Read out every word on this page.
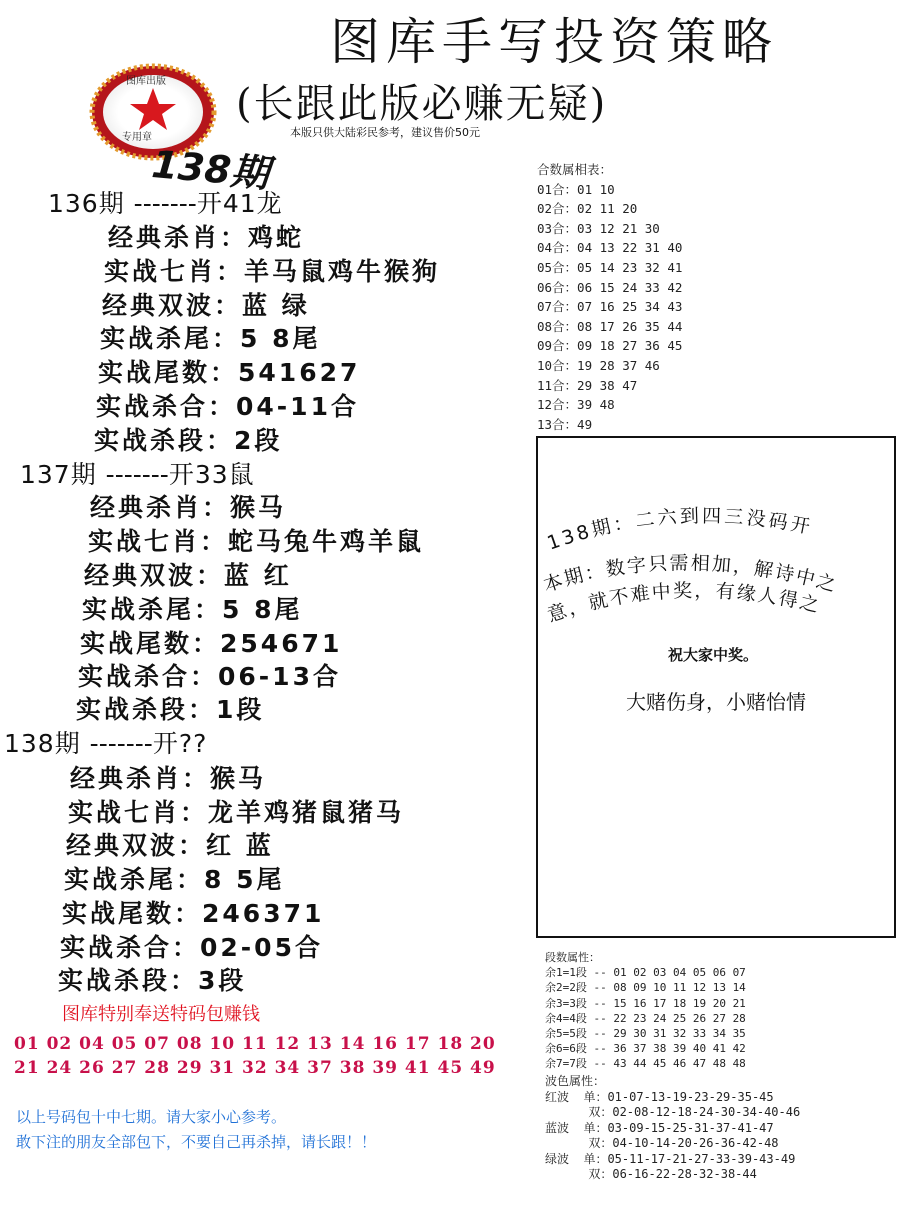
图库手写投资策略
(长跟此版必赚无疑)
本版只供大陆彩民参考，建议售价50元
图库出版
专用章
138期
136期 -------开41龙
经典杀肖：鸡蛇
实战七肖：羊马鼠鸡牛猴狗
经典双波：蓝 绿
实战杀尾：5 8尾
实战尾数：541627
实战杀合：04-11合
实战杀段：2段
137期 -------开33鼠
经典杀肖：猴马
实战七肖：蛇马兔牛鸡羊鼠
经典双波：蓝 红
实战杀尾：5 8尾
实战尾数：254671
实战杀合：06-13合
实战杀段：1段
138期 -------开??
经典杀肖：猴马
实战七肖：龙羊鸡猪鼠猪马
经典双波：红 蓝
实战杀尾：8 5尾
实战尾数：246371
实战杀合：02-05合
实战杀段：3段
图库特别奉送特码包赚钱
01 02 04 05 07 08 10 11 12 13 14 16 17 18 20
21 24 26 27 28 29 31 32 34 37 38 39 41 45 49
以上号码包十中七期。请大家小心参考。
敢下注的朋友全部包下，不要自己再杀掉，请长跟！！
合数属相表：
01合：01 10
02合：02 11 20
03合：03 12 21 30
04合：04 13 22 31 40
05合：05 14 23 32 41
06合：06 15 24 33 42
07合：07 16 25 34 43
08合：08 17 26 35 44
09合：09 18 27 36 45
10合：19 28 37 46
11合：29 38 47
12合：39 48
13合：49
138期：二六到四三没码开
本期：数字只需相加，解诗中之
意，就不难中奖，有缘人得之
祝大家中奖。
大赌伤身，小赌怡情
段数属性：
余1=1段 -- 01 02 03 04 05 06 07
余2=2段 -- 08 09 10 11 12 13 14
余3=3段 -- 15 16 17 18 19 20 21
余4=4段 -- 22 23 24 25 26 27 28
余5=5段 -- 29 30 31 32 33 34 35
余6=6段 -- 36 37 38 39 40 41 42
余7=7段 -- 43 44 45 46 47 48 48
波色属性：
红波  单：01-07-13-19-23-29-35-45
双：02-08-12-18-24-30-34-40-46
蓝波  单：03-09-15-25-31-37-41-47
双：04-10-14-20-26-36-42-48
绿波  单：05-11-17-21-27-33-39-43-49
双：06-16-22-28-32-38-44
